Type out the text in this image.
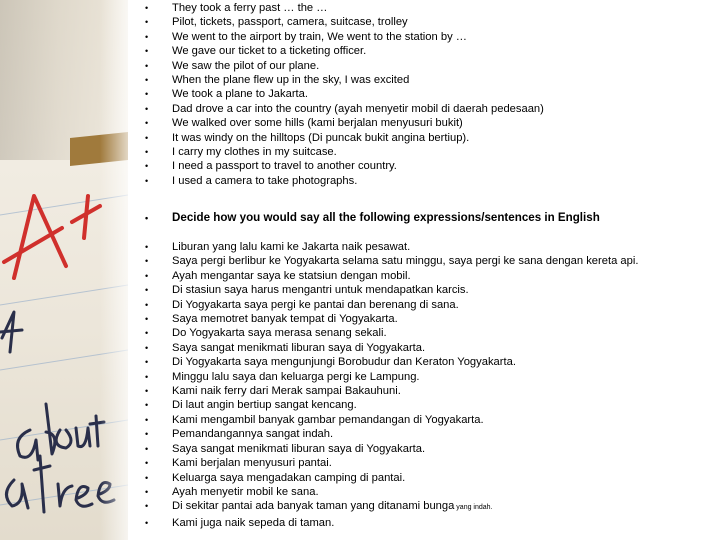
• They took a ferry past … the …
• Pilot, tickets, passport, camera, suitcase, trolley
• We went to the airport by train, We went to the station by …
• We gave our ticket to a ticketing officer.
• We saw the pilot of our plane.
• When the plane flew up in the sky, I was excited
• We took a plane to Jakarta.
• Dad drove a car into the country (ayah menyetir mobil di daerah pedesaan)
• We walked over some hills (kami berjalan menyusuri bukit)
• It was windy on the hilltops (Di puncak bukit angina bertiup).
• I carry my clothes in my suitcase.
• I need a passport to travel to another country.
• I used a camera to take photographs.
• Decide how you would say all the following expressions/sentences in English
• Liburan yang lalu kami ke Jakarta naik pesawat.
• Saya pergi berlibur ke Yogyakarta selama satu minggu, saya pergi ke sana dengan kereta api.
• Ayah mengantar saya ke statsiun dengan mobil.
• Di stasiun saya harus mengantri untuk mendapatkan karcis.
• Di Yogyakarta saya pergi ke pantai dan berenang di sana.
• Saya memotret banyak tempat di Yogyakarta.
• Do Yogyakarta saya merasa senang sekali.
• Saya sangat menikmati liburan saya di Yogyakarta.
• Di Yogyakarta saya mengunjungi Borobudur dan Keraton Yogyakarta.
• Minggu lalu saya dan keluarga pergi ke Lampung.
• Kami naik ferry dari Merak sampai Bakauhuni.
• Di laut angin bertiup sangat kencang.
• Kami mengambil banyak gambar pemandangan di Yogyakarta.
• Pemandangannya sangat indah.
• Saya sangat menikmati liburan saya di Yogyakarta.
• Kami berjalan menyusuri pantai.
• Keluarga saya mengadakan camping di pantai.
• Ayah menyetir mobil ke sana.
• Di sekitar pantai ada banyak taman yang ditanami bunga yang indah.
• Kami juga naik sepeda di taman.
